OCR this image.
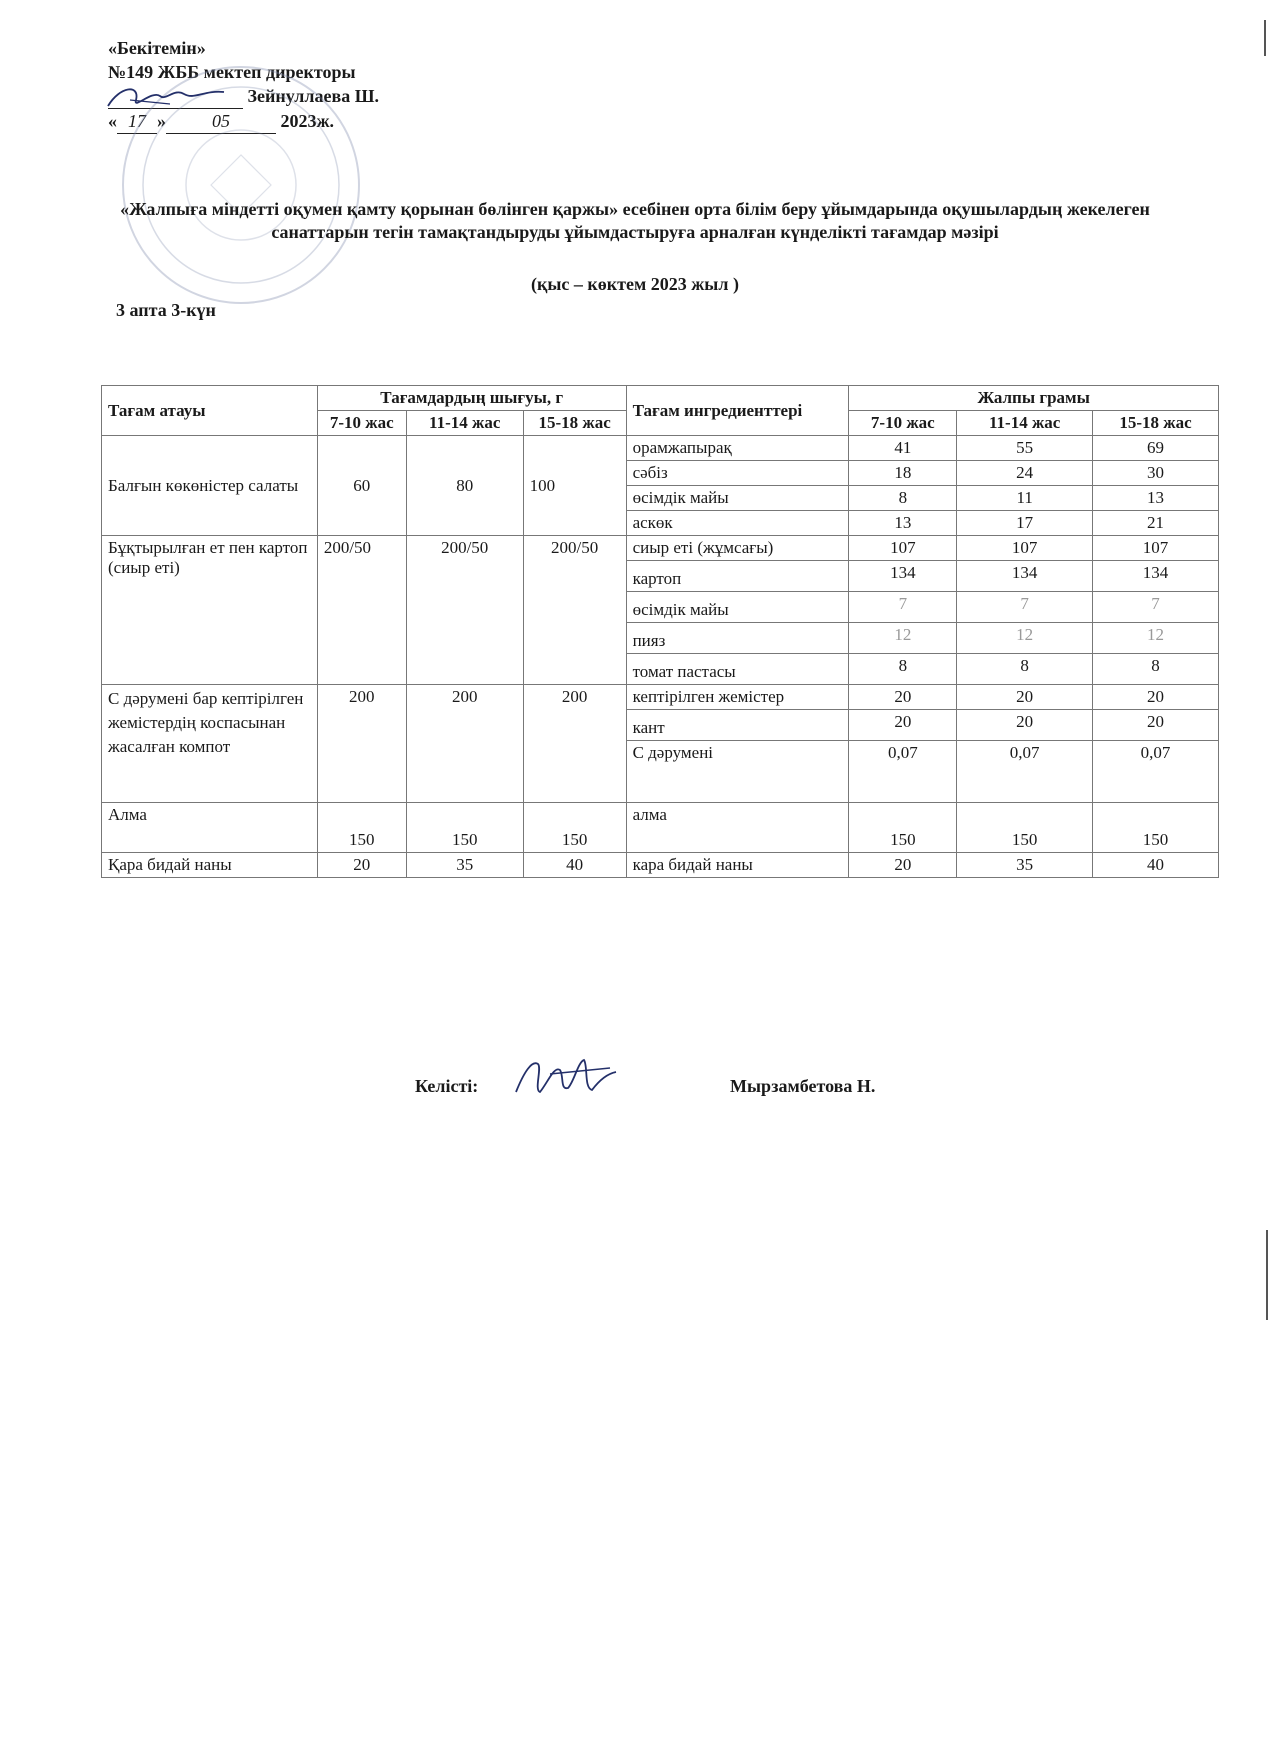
«Бекітемін»
№149 ЖББ мектеп директоры
Зейнуллаева Ш.
« 17 »	05	2023ж.
«Жалпыға міндетті оқумен қамту қорынан бөлінген қаржы» есебінен орта білім беру ұйымдарында оқушылардың жекелеген санаттарын тегін тамақтандыруды ұйымдастыруға арналған күнделікті тағамдар мәзірі
(қыс – көктем 2023 жыл )
3 апта 3-күн
Тағам атауы	Тағамдардың шығуы, г			Тағам ингредиенттері	Жалпы грамы		
	7-10 жас	11-14 жас	15-18 жас		7-10 жас	11-14 жас	15-18 жас
Балғын көкөністер салаты	60	80	100	орамжапырақ	41	55	69
				сәбіз	18	24	30
				өсімдік майы	8	11	13
				аскөк	13	17	21
Бұқтырылған ет пен картоп (сиыр еті)	200/50	200/50	200/50	сиыр еті (жұмсағы)	107	107	107
				картоп	134	134	134
				өсімдік майы	7	7	7
				пияз	12	12	12
				томат пастасы	8	8	8
С дәрумені бар кептірілген жемістердің коспасынан жасалған компот	200	200	200	кептірілген жемістер	20	20	20
				кант	20	20	20
				С дәрумені	0,07	0,07	0,07
Алма	150	150	150	алма	150	150	150
Қара бидай наны	20	35	40	кара бидай наны	20	35	40
Келісті:	Мырзамбетова Н.
